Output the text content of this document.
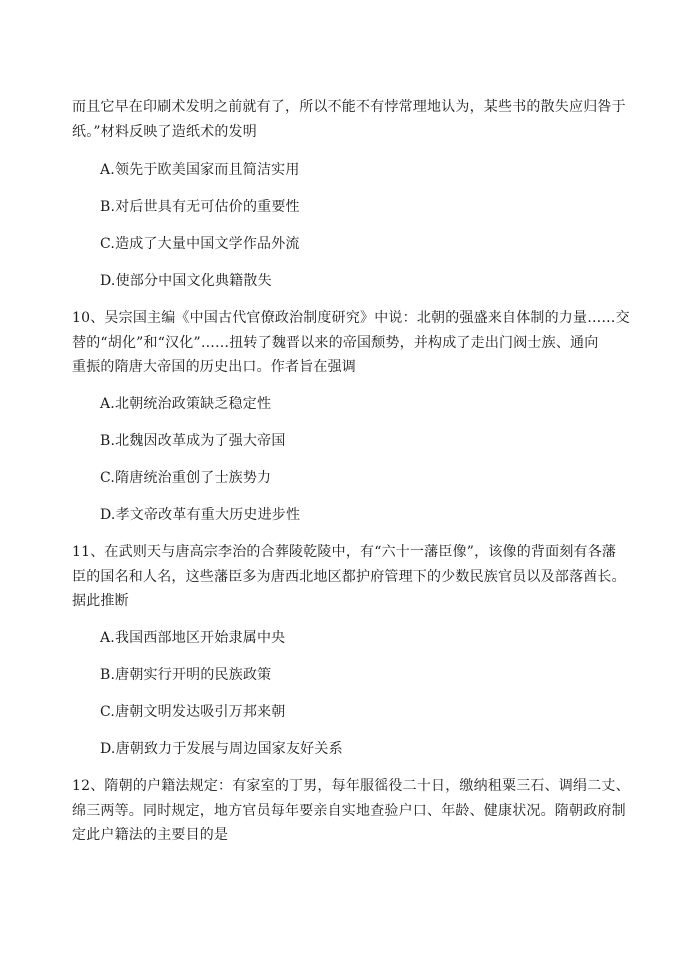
而且它早在印刷术发明之前就有了，所以不能不有悖常理地认为，某些书的散失应归咎于
纸。”材料反映了造纸术的发明
A.领先于欧美国家而且简洁实用
B.对后世具有无可估价的重要性
C.造成了大量中国文学作品外流
D.使部分中国文化典籍散失
10、吴宗国主编《中国古代官僚政治制度研究》中说：北朝的强盛来自体制的力量……交
替的“胡化”和“汉化”……扭转了魏晋以来的帝国颓势，并构成了走出门阀士族、通向
重振的隋唐大帝国的历史出口。作者旨在强调
A.北朝统治政策缺乏稳定性
B.北魏因改革成为了强大帝国
C.隋唐统治重创了士族势力
D.孝文帝改革有重大历史进步性
11、在武则天与唐高宗李治的合葬陵乾陵中，有“六十一藩臣像”，该像的背面刻有各藩
臣的国名和人名，这些藩臣多为唐西北地区都护府管理下的少数民族官员以及部落酋长。
据此推断
A.我国西部地区开始隶属中央
B.唐朝实行开明的民族政策
C.唐朝文明发达吸引万邦来朝
D.唐朝致力于发展与周边国家友好关系
12、隋朝的户籍法规定：有家室的丁男，每年服徭役二十日，缴纳租粟三石、调绢二丈、
绵三两等。同时规定，地方官员每年要亲自实地查验户口、年龄、健康状况。隋朝政府制
定此户籍法的主要目的是
